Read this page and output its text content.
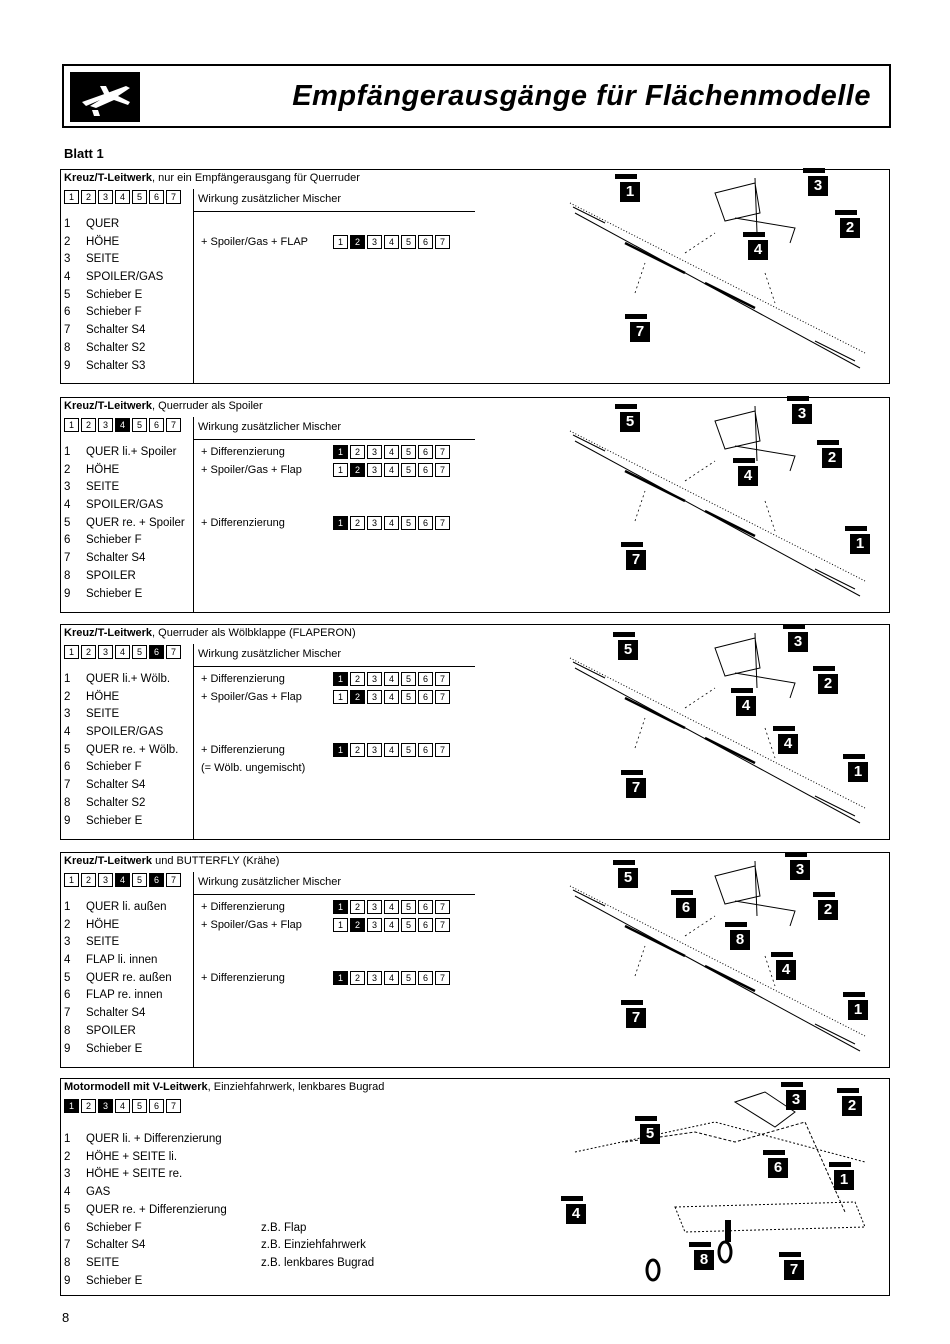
Empfängerausgänge für Flächenmodelle
Blatt 1
Kreuz/T-Leitwerk, nur ein Empfängerausgang für Querruder
1	2	3	4	5	6	7	Wirkung zusätzlicher Mischer
1	QUER
2	HÖHE
3	SEITE
4	SPOILER/GAS
5	Schieber E
6	Schieber F
7	Schalter S4
8	Schalter S2
9	Schalter S3
+ Spoiler/Gas + FLAP	1	2	3	4	5	6	7
Kreuz/T-Leitwerk, Querruder als Spoiler
1	2	3	4	5	6	7	Wirkung zusätzlicher Mischer
1	QUER li.+ Spoiler
2	HÖHE
3	SEITE
4	SPOILER/GAS
5	QUER re. + Spoiler
6	Schieber F
7	Schalter S4
8	SPOILER
9	Schieber E
+ Differenzierung	1	2	3	4	5	6	7
+ Spoiler/Gas + Flap	1	2	3	4	5	6	7
+ Differenzierung	1	2	3	4	5	6	7
Kreuz/T-Leitwerk, Querruder als Wölbklappe (FLAPERON)
1	2	3	4	5	6	7	Wirkung zusätzlicher Mischer
1	QUER li.+ Wölb.
2	HÖHE
3	SEITE
4	SPOILER/GAS
5	QUER re. + Wölb.
6	Schieber F
7	Schalter S4
8	Schalter S2
9	Schieber E
+ Differenzierung	1	2	3	4	5	6	7
+ Spoiler/Gas + Flap	1	2	3	4	5	6	7
+ Differenzierung	1	2	3	4	5	6	7
(= Wölb. ungemischt)
Kreuz/T-Leitwerk und BUTTERFLY (Krähe)
1	2	3	4	5	6	7	Wirkung zusätzlicher Mischer
1	QUER li. außen
2	HÖHE
3	SEITE
4	FLAP li. innen
5	QUER re. außen
6	FLAP re. innen
7	Schalter S4
8	SPOILER
9	Schieber E
+ Differenzierung	1	2	3	4	5	6	7
+ Spoiler/Gas + Flap	1	2	3	4	5	6	7
+ Differenzierung	1	2	3	4	5	6	7
Motormodell mit V-Leitwerk, Einziehfahrwerk, lenkbares Bugrad
1	2	3	4	5	6	7
1 QUER li. + Differenzierung
2 HÖHE + SEITE li.
3 HÖHE + SEITE re.
4 GAS
5 QUER re. + Differenzierung
6 Schieber F	z.B. Flap
7 Schalter S4	z.B. Einziehfahrwerk
8 SEITE	z.B. lenkbares Bugrad
9 Schieber E
8
1	3
2
4
7
5	3
2
4
1
7
5	3
2
4
4
1
7
5	3
6	2
8
4
7	1
3	2
5
6
1
4
8
7
